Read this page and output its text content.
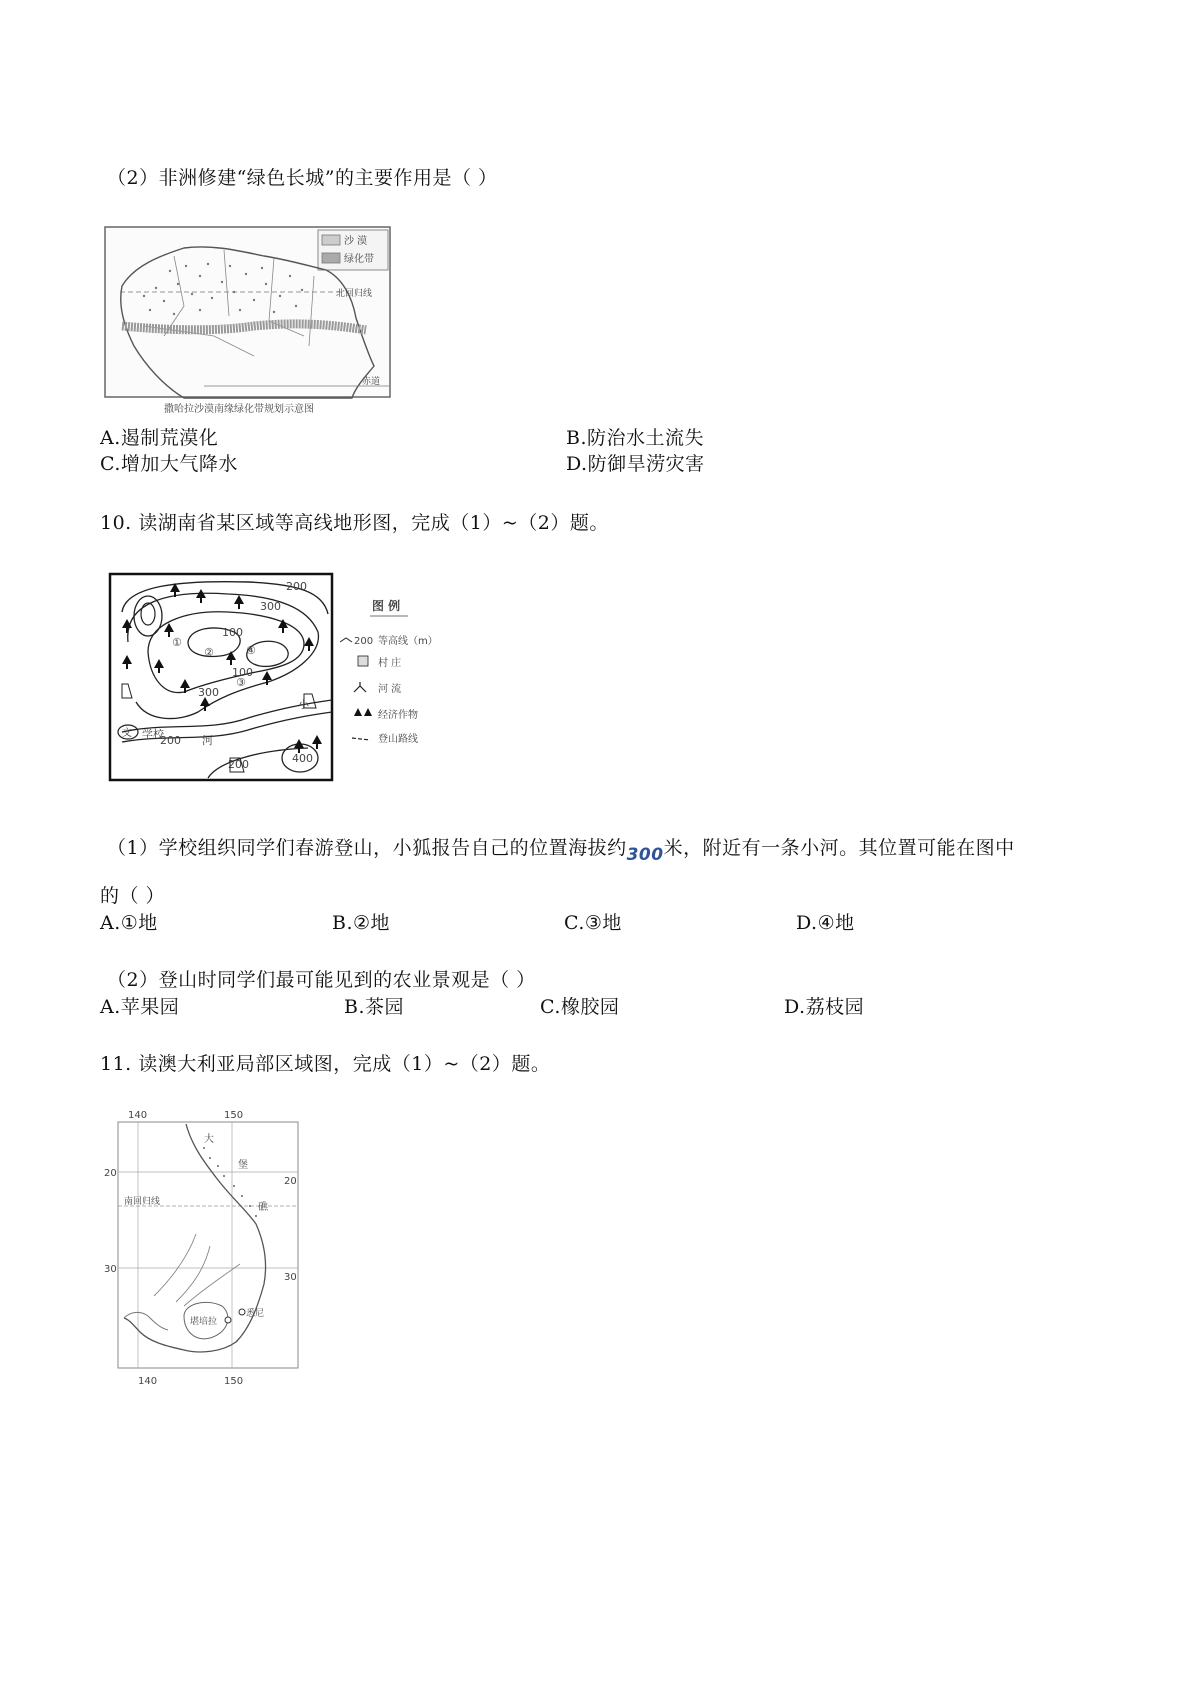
（2）非洲修建“绿色长城”的主要作用是（ ）
沙 漠
绿化带
北回归线
赤道
撒哈拉沙漠南缘绿化带规划示意图
A.遏制荒漠化	B.防治水土流失
C.增加大气降水	D.防御旱涝灾害
10. 读湖南省某区域等高线地形图，完成（1）~（2）题。
200
300
100
100
300
200
200	400
①
②
③
④
文 学校
小
河
图 例
200 等高线（m）
村 庄
河 流
经济作物
登山路线
（1）学校组织同学们春游登山，小狐报告自己的位置海拔约300米，附近有一条小河。其位置可能在图中
的（ ）
A.①地	B.②地	C.③地	D.④地
（2）登山时同学们最可能见到的农业景观是（ ）
A.苹果园	B.茶园	C.橡胶园	D.荔枝园
11. 读澳大利亚局部区域图，完成（1）~（2）题。
140	150
140	150
20
20
30
30
南回归线
大
堡
礁
堪培拉
悉尼
